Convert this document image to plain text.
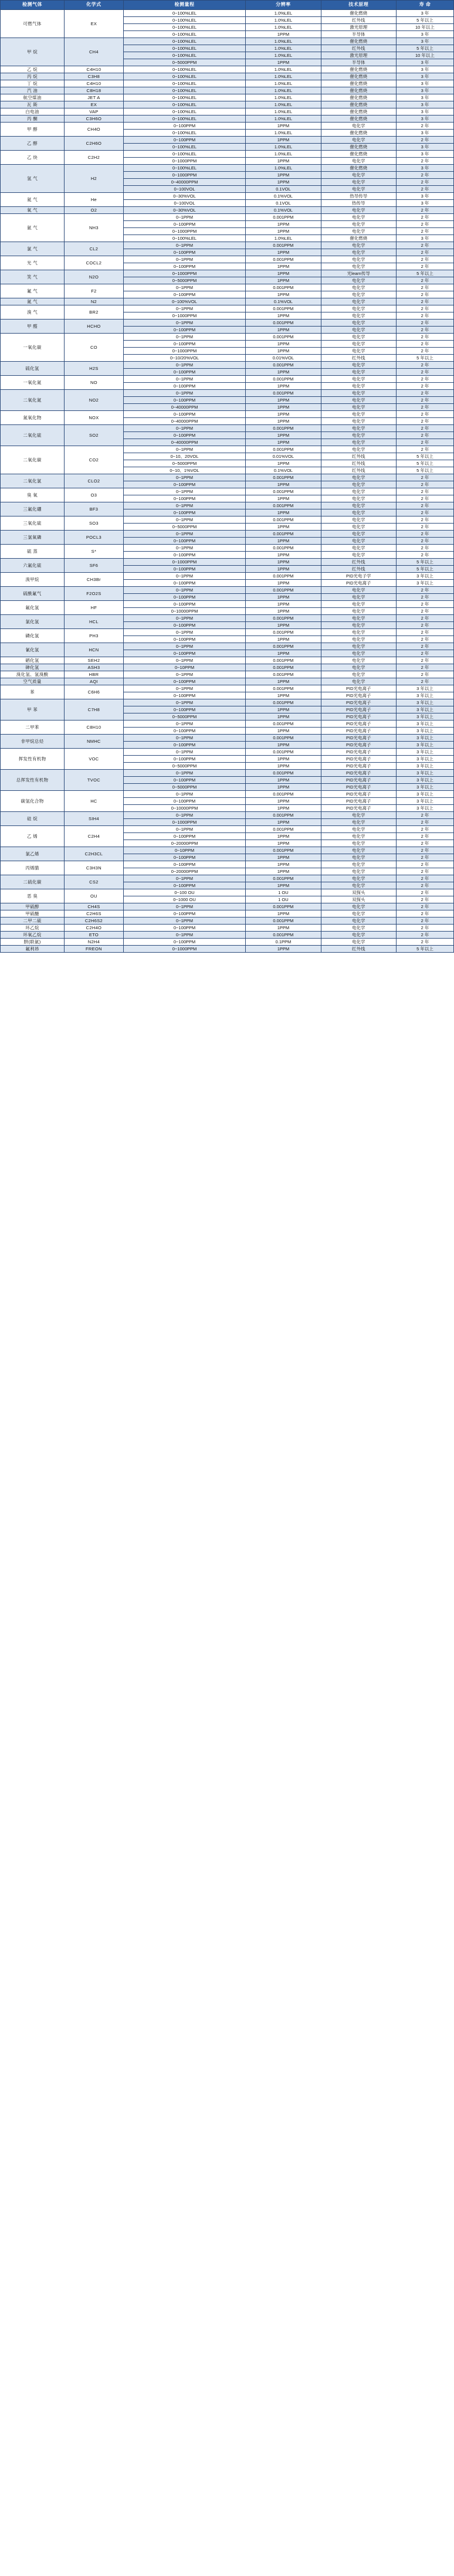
检测气体	化学式	检测量程	分辨率	技术原理	寿 命
可燃气体	EX	0~100%LEL	1.0%LEL	催化燃烧	3 年
		0~100%LEL	1.0%LEL	红外线	5 年以上
		0~100%LEL	1.0%LEL	激光原理	10 年以上
		0~100%LEL	1PPM	半导体	3 年
甲 烷	CH4	0~100%LEL	1.0%LEL	催化燃烧	3 年
		0~100%LEL	1.0%LEL	红外线	5 年以上
		0~100%LEL	1.0%LEL	激光原理	10 年以上
		0~5000PPM	1PPM	半导体	3 年
乙 烷	C4H10	0~100%LEL	1.0%LEL	催化燃烧	3 年
丙 烷	C3H8	0~100%LEL	1.0%LEL	催化燃烧	3 年
丁 烷	C4H10	0~100%LEL	1.0%LEL	催化燃烧	3 年
汽 油	C8H18	0~100%LEL	1.0%LEL	催化燃烧	3 年
航空煤油	JET A	0~100%LEL	1.0%LEL	催化燃烧	3 年
瓦 斯	EX	0~100%LEL	1.0%LEL	催化燃烧	3 年
白电油	VAP	0~100%LEL	1.0%LEL	催化燃烧	3 年
丙 酮	C3H6O	0~100%LEL	1.0%LEL	催化燃烧	3 年
甲 醇	CH4O	0~100PPM	1PPM	电化学	2 年
		0~100%LEL	1.0%LEL	催化燃烧	3 年
乙 醇	C2H6O	0~100PPM	1PPM	电化学	2 年
		0~100%LEL	1.0%LEL	催化燃烧	3 年
乙 炔	C2H2	0~100%LEL	1.0%LEL	催化燃烧	3 年
		0~1000PPM	1PPM	电化学	2 年
氢 气	H2	0~100%LEL	1.0%LEL	催化燃烧	3 年
		0~1000PPM	1PPM	电化学	2 年
		0~40000PPM	1PPM	电化学	2 年
		0~100VOL	0.1VOL	电化学	2 年
氦 气	He	0~30%VOL	0.1%VOL	热导传导	3 年
		0~100VOL	0.1VOL	热传导	3 年
氧 气	O2	0~30%VOL	0.1%VOL	电化学	2 年
氨 气	NH3	0~1PPM	0.001PPM	电化学	2 年
		0~100PPM	1PPM	电化学	2 年
		0~1000PPM	1PPM	电化学	2 年
		0~100%LEL	1.0%LEL	催化燃烧	3 年
氯 气	CL2	0~1PPM	0.001PPM	电化学	2 年
		0~100PPM	1PPM	电化学	2 年
光 气	COCL2	0~1PPM	0.001PPM	电化学	2 年
		0~100PPM	1PPM	电化学	2 年
笑 气	N2O	0~1000PPM	1PPM	光learn传导	5 年以上
		0~5000PPM	1PPM	电化学	2 年
氟 气	F2	0~1PPM	0.001PPM	电化学	2 年
		0~100PPM	1PPM	电化学	2 年
氮 气	N2	0~100%VOL	0.1%VOL	电化学	2 年
溴 气	BR2	0~1PPM	0.001PPM	电化学	2 年
		0~1000PPM	1PPM	电化学	2 年
甲 醛	HCHO	0~1PPM	0.001PPM	电化学	2 年
		0~100PPM	1PPM	电化学	2 年
一氧化碳	CO	0~1PPM	0.001PPM	电化学	2 年
		0~100PPM	1PPM	电化学	2 年
		0~1000PPM	1PPM	电化学	2 年
		0~10/20%VOL	0.01%VOL	红外线	5 年以上
硫化氢	H2S	0~1PPM	0.001PPM	电化学	2 年
		0~100PPM	1PPM	电化学	2 年
一氧化氮	NO	0~1PPM	0.001PPM	电化学	2 年
		0~100PPM	1PPM	电化学	2 年
二氧化氮	NO2	0~1PPM	0.001PPM	电化学	2 年
		0~100PPM	1PPM	电化学	2 年
		0~40000PPM	1PPM	电化学	2 年
氮氧化物	NOX	0~100PPM	1PPM	电化学	2 年
		0~40000PPM	1PPM	电化学	2 年
二氧化硫	SO2	0~1PPM	0.001PPM	电化学	2 年
		0~100PPM	1PPM	电化学	2 年
		0~40000PPM	1PPM	电化学	2 年
二氧化碳	CO2	0~1PPM	0.001PPM	电化学	2 年
		0~10、20VOL	0.01%VOL	红外线	5 年以上
		0~5000PPM	1PPM	红外线	5 年以上
		0~10、1%VOL	0.1%VOL	红外线	5 年以上
二氧化氯	CLO2	0~1PPM	0.001PPM	电化学	2 年
		0~100PPM	1PPM	电化学	2 年
臭 氧	O3	0~1PPM	0.001PPM	电化学	2 年
		0~100PPM	1PPM	电化学	2 年
三氟化硼	BF3	0~1PPM	0.001PPM	电化学	2 年
		0~100PPM	1PPM	电化学	2 年
三氧化硫	SO3	0~1PPM	0.001PPM	电化学	2 年
		0~5000PPM	1PPM	电化学	2 年
三氯氧磷	POCL3	0~1PPM	0.001PPM	电化学	2 年
		0~100PPM	1PPM	电化学	2 年
硫 蒸	S*	0~1PPM	0.001PPM	电化学	2 年
		0~100PPM	1PPM	电化学	2 年
六氟化硫	SF6	0~1000PPM	1PPM	红外线	5 年以上
		0~100PPM	1PPM	红外线	5 年以上
溴甲烷	CH3Br	0~1PPM	0.001PPM	PID光电子学	3 年以上
		0~100PPM	1PPM	PID光电离子	3 年以上
硫酰氟气	F2O2S	0~1PPM	0.001PPM	电化学	2 年
		0~100PPM	1PPM	电化学	2 年
氟化氢	HF	0~100PPM	1PPM	电化学	2 年
		0~10000PPM	1PPM	电化学	2 年
氯化氢	HCL	0~1PPM	0.001PPM	电化学	2 年
		0~100PPM	1PPM	电化学	2 年
磷化氢	PH3	0~1PPM	0.001PPM	电化学	2 年
		0~100PPM	1PPM	电化学	2 年
氰化氢	HCN	0~1PPM	0.001PPM	电化学	2 年
		0~100PPM	1PPM	电化学	2 年
硒化氢	SEH2	0~1PPM	0.001PPM	电化学	2 年
砷化氢	ASH3	0~10PPM	0.001PPM	电化学	2 年
溴化氢、氢溴酸	HBR	0~1PPM	0.001PPM	电化学	2 年
空气质量	AQI	0~100PPM	1PPM	电化学	2 年
苯	C6H6	0~1PPM	0.001PPM	PID光电离子	3 年以上
		0~100PPM	1PPM	PID光电离子	3 年以上
甲 苯	C7H8	0~1PPM	0.001PPM	PID光电离子	3 年以上
		0~100PPM	1PPM	PID光电离子	3 年以上
		0~5000PPM	1PPM	PID光电离子	3 年以上
二甲苯	C8H10	0~1PPM	0.001PPM	PID光电离子	3 年以上
		0~100PPM	1PPM	PID光电离子	3 年以上
非甲烷总烃	NMHC	0~1PPM	0.001PPM	PID光电离子	3 年以上
		0~100PPM	1PPM	PID光电离子	3 年以上
挥发性有机物	VOC	0~1PPM	0.001PPM	PID光电离子	3 年以上
		0~100PPM	1PPM	PID光电离子	3 年以上
		0~5000PPM	1PPM	PID光电离子	3 年以上
总挥发性有机物	TVOC	0~1PPM	0.001PPM	PID光电离子	3 年以上
		0~100PPM	1PPM	PID光电离子	3 年以上
		0~5000PPM	1PPM	PID光电离子	3 年以上
碳氢化合物	HC	0~1PPM	0.001PPM	PID光电离子	3 年以上
		0~100PPM	1PPM	PID光电离子	3 年以上
		0~10000PPM	1PPM	PID光电离子	3 年以上
硅 烷	SIH4	0~1PPM	0.001PPM	电化学	2 年
		0~1000PPM	1PPM	电化学	2 年
乙 烯	C2H4	0~1PPM	0.001PPM	电化学	2 年
		0~100PPM	1PPM	电化学	2 年
		0~20000PPM	1PPM	电化学	2 年
氯乙烯	C2H3CL	0~10PPM	0.001PPM	电化学	2 年
		0~100PPM	1PPM	电化学	2 年
丙烯腈	C3H3N	0~100PPM	1PPM	电化学	2 年
		0~20000PPM	1PPM	电化学	2 年
二硫化碳	CS2	0~1PPM	0.001PPM	电化学	2 年
		0~100PPM	1PPM	电化学	2 年
恶 臭	OU	0~100 OU	1 OU	双探头	2 年
		0~1000 OU	1 OU	双探头	2 年
甲硫醇	CH4S	0~1PPM	0.001PPM	电化学	2 年
甲硫醚	C2H6S	0~100PPM	1PPM	电化学	2 年
二甲二硫	C2H6S2	0~1PPM	0.001PPM	电化学	2 年
环乙烷	C2H4O	0~100PPM	1PPM	电化学	2 年
环氧乙烷	ETO	0~1PPM	0.001PPM	电化学	2 年
肼(联氨)	N2H4	0~100PPM	0.1PPM	电化学	2 年
氟利昂	FREON	0~1000PPM	1PPM	红外线	5 年以上
